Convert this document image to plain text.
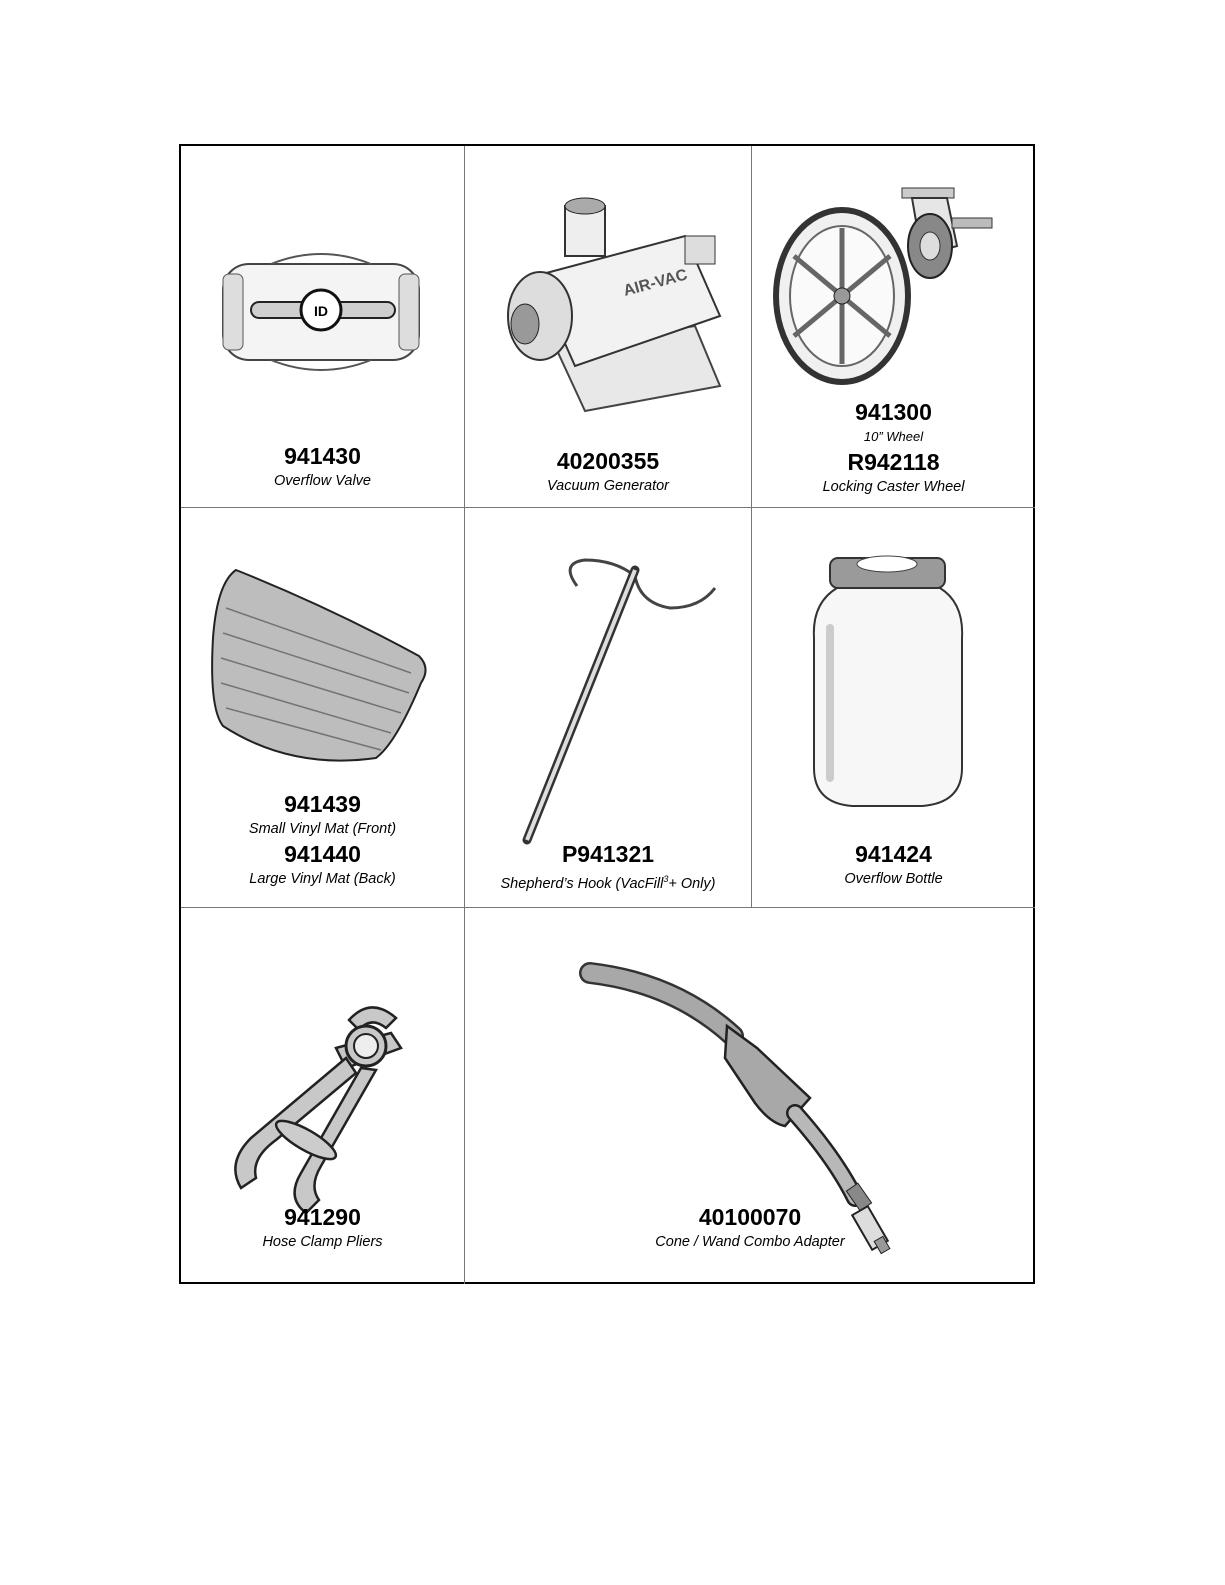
ID
941430
Overflow Valve
AIR-VAC
40200355
Vacuum Generator
941300
10” Wheel
R942118
Locking Caster Wheel
941439
Small Vinyl Mat (Front)
941440
Large Vinyl Mat (Back)
P941321
Shepherd’s Hook (VacFill$^3$+ Only)
941424
Overflow Bottle
941290
Hose Clamp Pliers
40100070
Cone / Wand Combo Adapter
